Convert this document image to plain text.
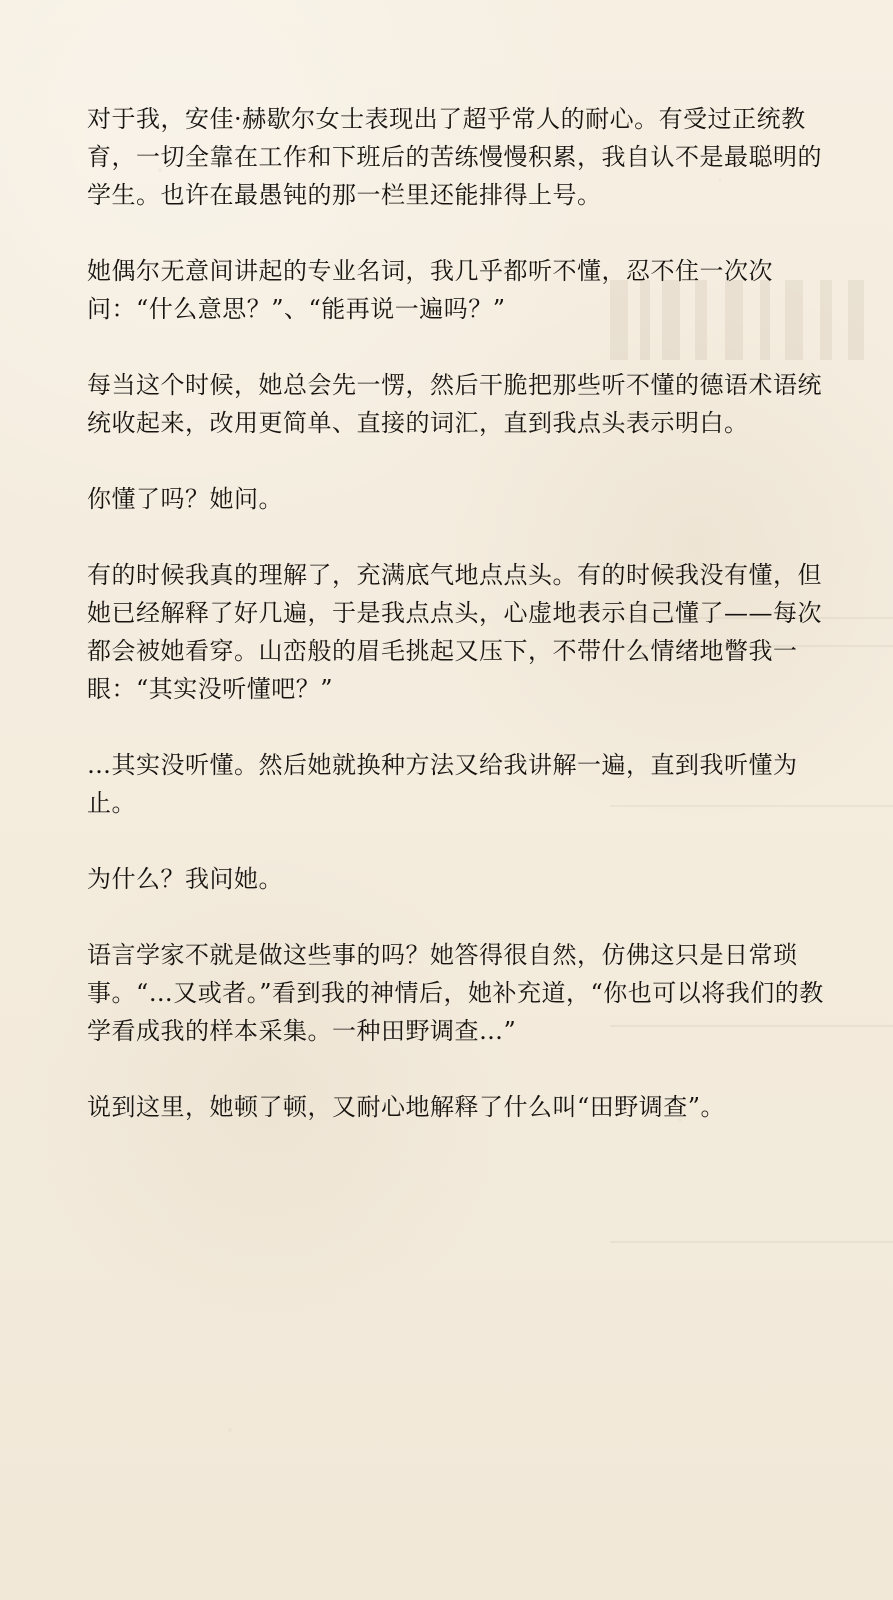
对于我，安佳·赫歇尔女士表现出了超乎常人的耐心。有受过正统教育，一切全靠在工作和下班后的苦练慢慢积累，我自认不是最聪明的学生。也许在最愚钝的那一栏里还能排得上号。

她偶尔无意间讲起的专业名词，我几乎都听不懂，忍不住一次次问：“什么意思？”、“能再说一遍吗？”

每当这个时候，她总会先一愣，然后干脆把那些听不懂的德语术语统统收起来，改用更简单、直接的词汇，直到我点头表示明白。

你懂了吗？她问。

有的时候我真的理解了，充满底气地点点头。有的时候我没有懂，但她已经解释了好几遍，于是我点点头，心虚地表示自己懂了——每次都会被她看穿。山峦般的眉毛挑起又压下，不带什么情绪地瞥我一眼：“其实没听懂吧？”

…其实没听懂。然后她就换种方法又给我讲解一遍，直到我听懂为止。

为什么？我问她。

语言学家不就是做这些事的吗？她答得很自然，仿佛这只是日常琐事。“…又或者。”看到我的神情后，她补充道，“你也可以将我们的教学看成我的样本采集。一种田野调查…”

说到这里，她顿了顿，又耐心地解释了什么叫“田野调查”。
